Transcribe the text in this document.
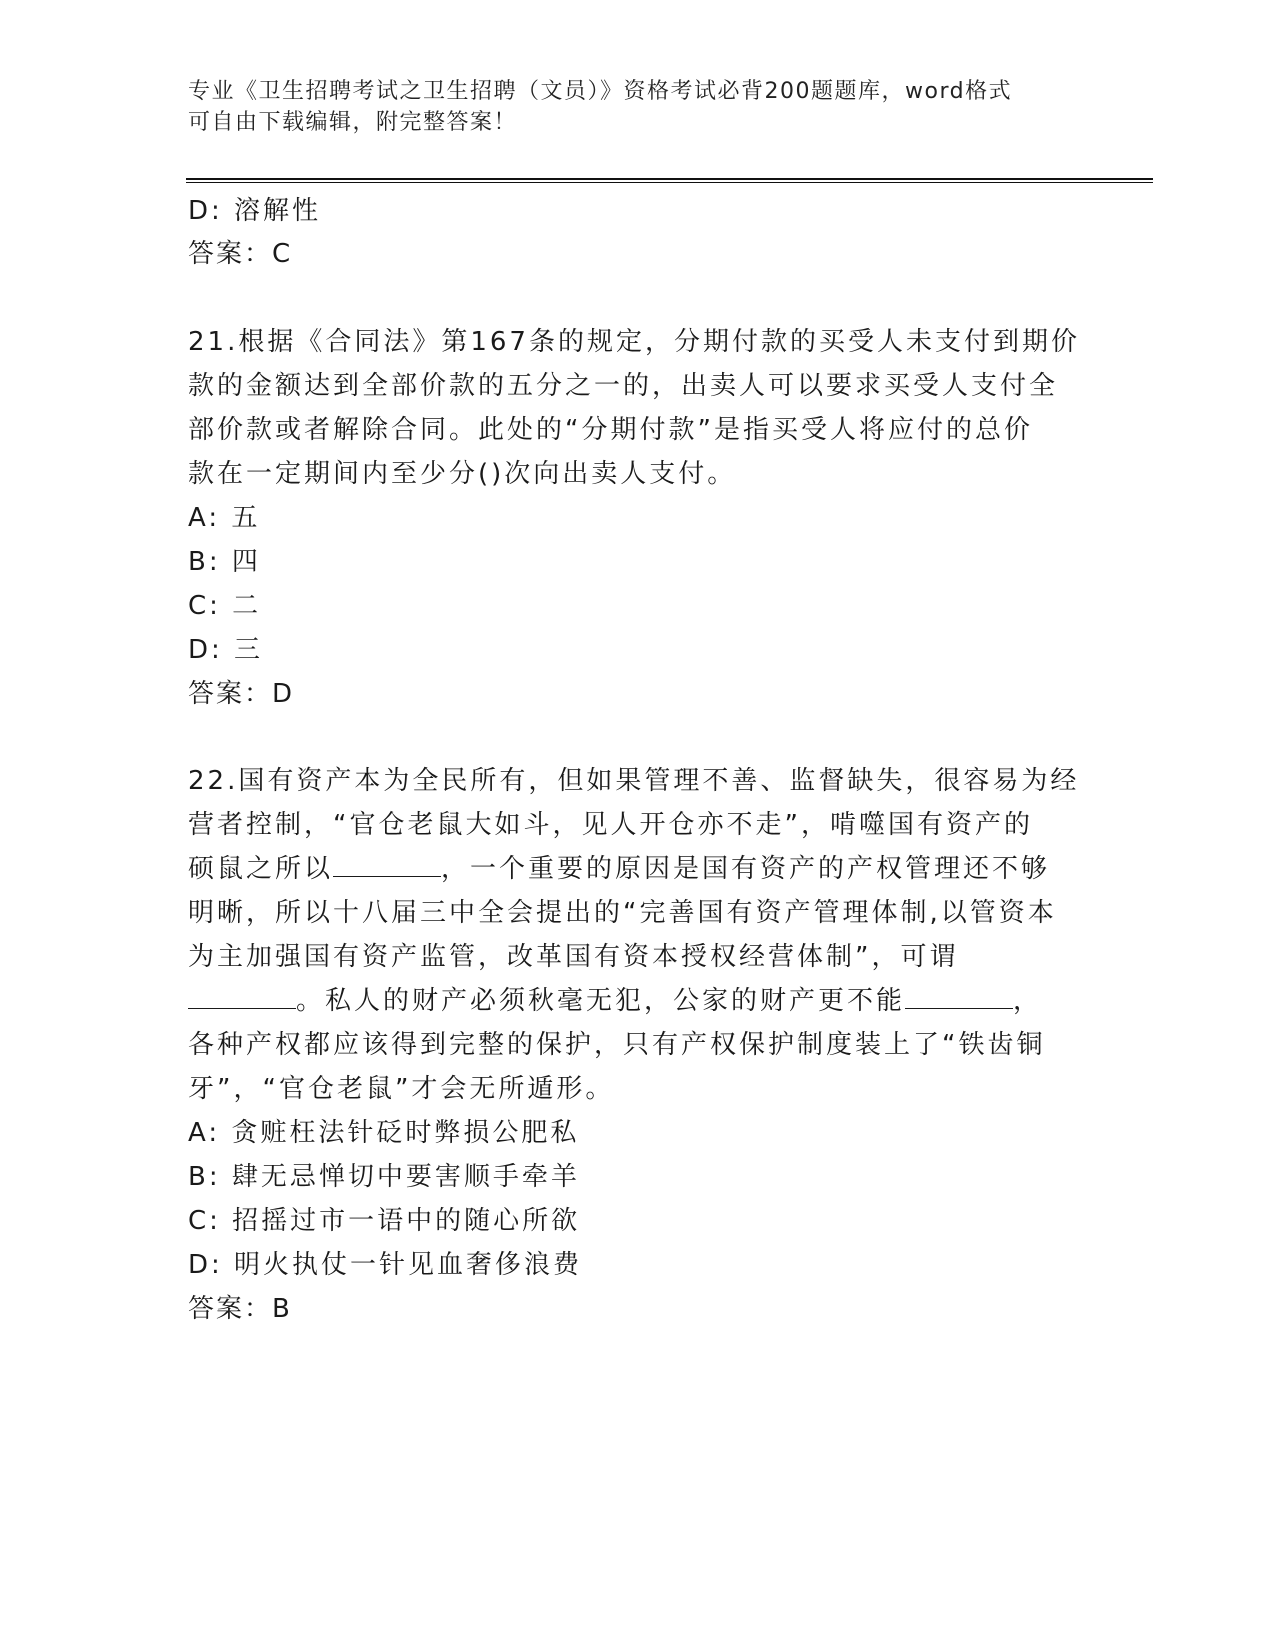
专业《卫生招聘考试之卫生招聘（文员）》资格考试必背200题题库，word格式
可自由下载编辑，附完整答案！
D: 溶解性
答案：C
21.根据《合同法》第167条的规定，分期付款的买受人未支付到期价
款的金额达到全部价款的五分之一的，出卖人可以要求买受人支付全
部价款或者解除合同。此处的“分期付款”是指买受人将应付的总价
款在一定期间内至少分()次向出卖人支付。
A: 五
B: 四
C: 二
D: 三
答案：D
22.国有资产本为全民所有，但如果管理不善、监督缺失，很容易为经
营者控制，“官仓老鼠大如斗，见人开仓亦不走”，啃噬国有资产的
硕鼠之所以	，一个重要的原因是国有资产的产权管理还不够
明晰，所以十八届三中全会提出的“完善国有资产管理体制,以管资本
为主加强国有资产监管，改革国有资本授权经营体制”，可谓
。私人的财产必须秋毫无犯，公家的财产更不能	，
各种产权都应该得到完整的保护，只有产权保护制度装上了“铁齿铜
牙”，“官仓老鼠”才会无所遁形。
A: 贪赃枉法针砭时弊损公肥私
B: 肆无忌惮切中要害顺手牵羊
C: 招摇过市一语中的随心所欲
D: 明火执仗一针见血奢侈浪费
答案：B
